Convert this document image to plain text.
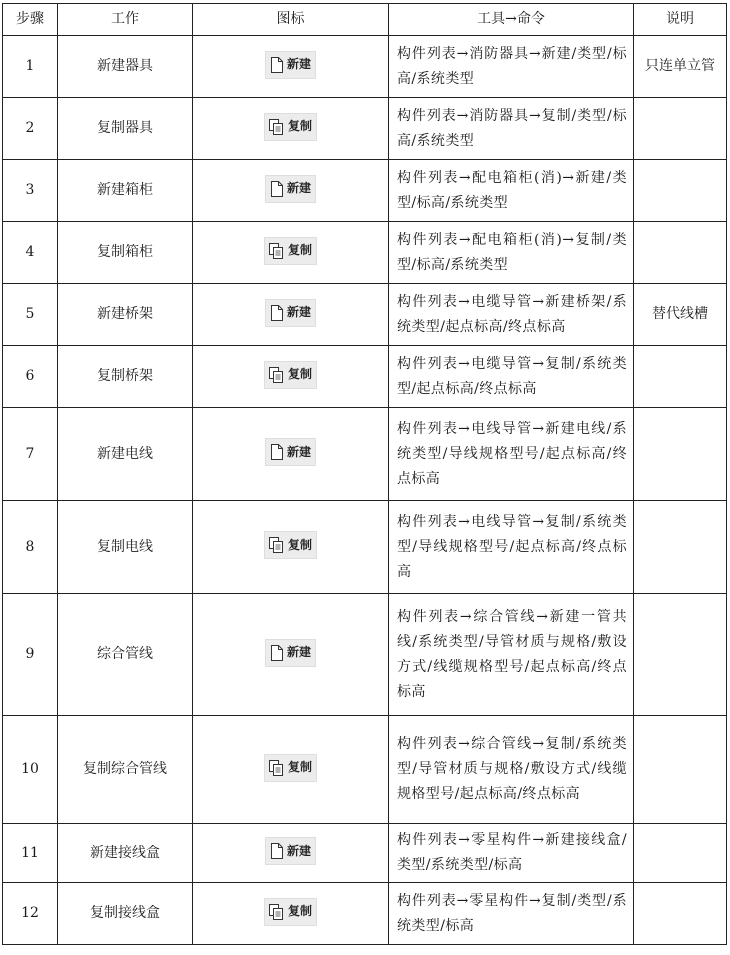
步骤	工作	图标	工具→命令	说明
1	新建器具	新建	构件列表→消防器具→新建/类型/标高/系统类型	只连单立管
2	复制器具	复制	构件列表→消防器具→复制/类型/标高/系统类型	
3	新建箱柜	新建	构件列表→配电箱柜(消)→新建/类型/标高/系统类型	
4	复制箱柜	复制	构件列表→配电箱柜(消)→复制/类型/标高/系统类型	
5	新建桥架	新建	构件列表→电缆导管→新建桥架/系统类型/起点标高/终点标高	替代线槽
6	复制桥架	复制	构件列表→电缆导管→复制/系统类型/起点标高/终点标高	
7	新建电线	新建	构件列表→电线导管→新建电线/系统类型/导线规格型号/起点标高/终点标高	
8	复制电线	复制	构件列表→电线导管→复制/系统类型/导线规格型号/起点标高/终点标高	
9	综合管线	新建	构件列表→综合管线→新建一管共线/系统类型/导管材质与规格/敷设方式/线缆规格型号/起点标高/终点标高	
10	复制综合管线	复制	构件列表→综合管线→复制/系统类型/导管材质与规格/敷设方式/线缆规格型号/起点标高/终点标高	
11	新建接线盒	新建	构件列表→零星构件→新建接线盒/类型/系统类型/标高	
12	复制接线盒	复制	构件列表→零星构件→复制/类型/系统类型/标高	
